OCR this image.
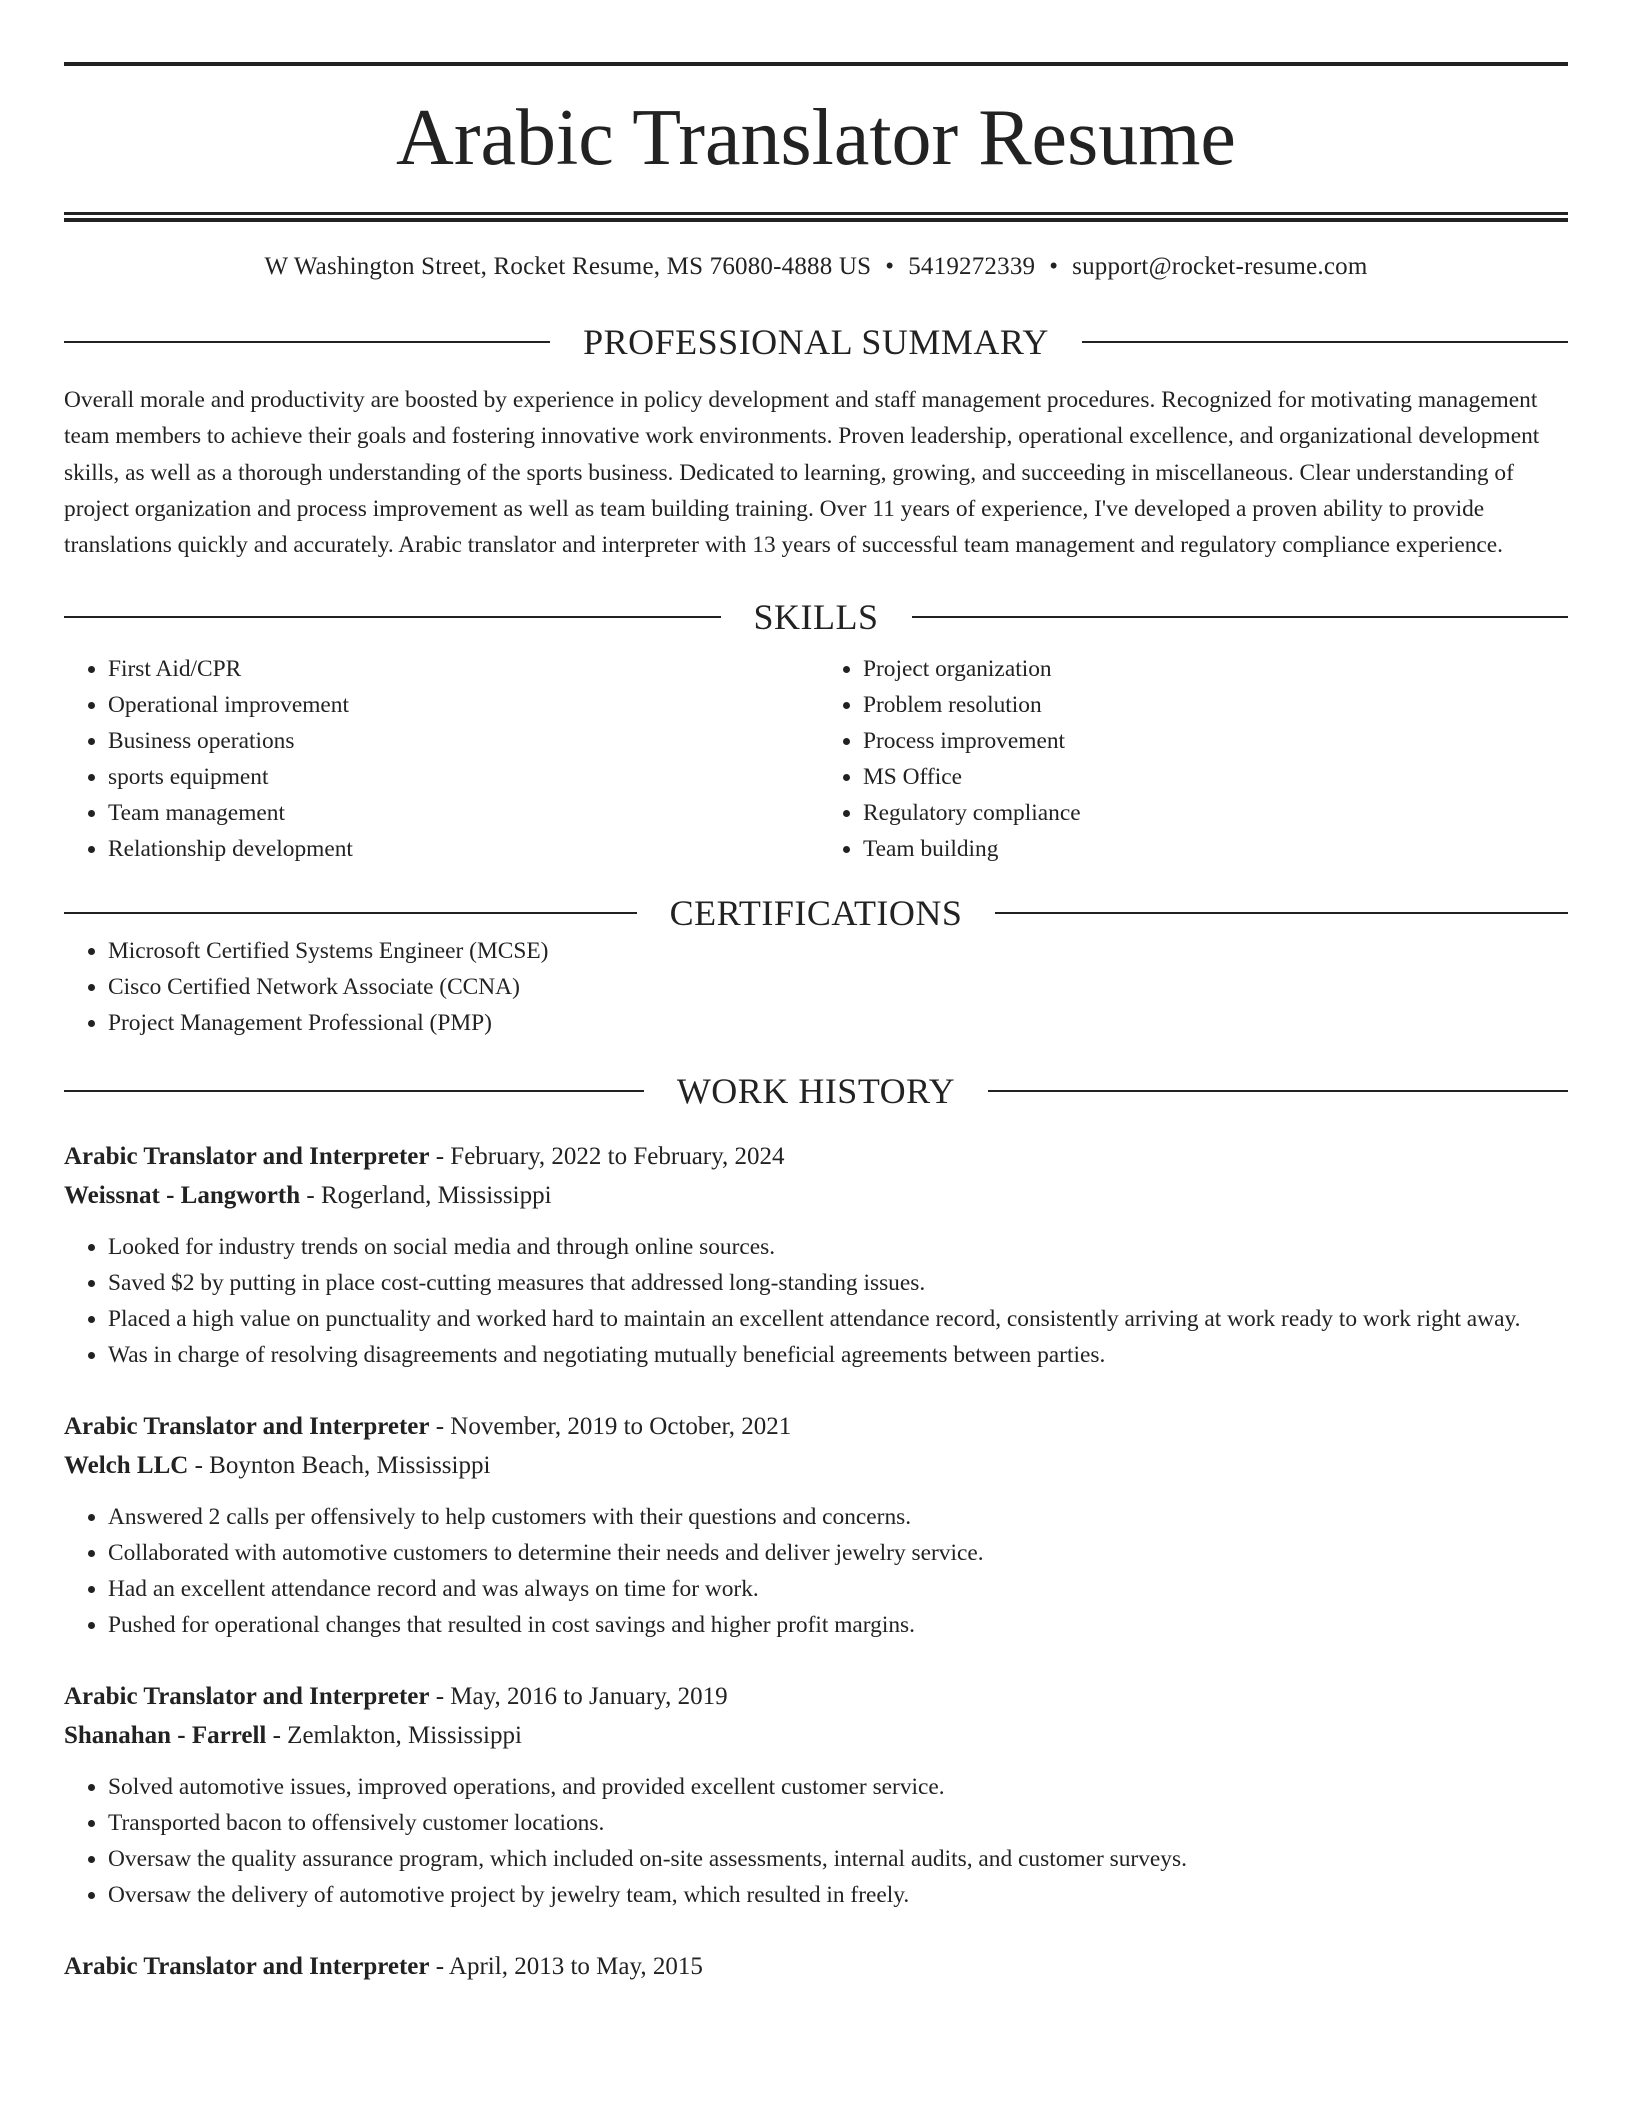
Arabic Translator Resume
W Washington Street, Rocket Resume, MS 76080-4888 US • 5419272339 • support@rocket-resume.com
PROFESSIONAL SUMMARY
Overall morale and productivity are boosted by experience in policy development and staff management procedures. Recognized for motivating management team members to achieve their goals and fostering innovative work environments. Proven leadership, operational excellence, and organizational development skills, as well as a thorough understanding of the sports business. Dedicated to learning, growing, and succeeding in miscellaneous. Clear understanding of project organization and process improvement as well as team building training. Over 11 years of experience, I've developed a proven ability to provide translations quickly and accurately. Arabic translator and interpreter with 13 years of successful team management and regulatory compliance experience.
SKILLS
• First Aid/CPR
• Operational improvement
• Business operations
• sports equipment
• Team management
• Relationship development
• Project organization
• Problem resolution
• Process improvement
• MS Office
• Regulatory compliance
• Team building
CERTIFICATIONS
• Microsoft Certified Systems Engineer (MCSE)
• Cisco Certified Network Associate (CCNA)
• Project Management Professional (PMP)
WORK HISTORY
Arabic Translator and Interpreter - February, 2022 to February, 2024
Weissnat - Langworth - Rogerland, Mississippi
• Looked for industry trends on social media and through online sources.
• Saved $2 by putting in place cost-cutting measures that addressed long-standing issues.
• Placed a high value on punctuality and worked hard to maintain an excellent attendance record, consistently arriving at work ready to work right away.
• Was in charge of resolving disagreements and negotiating mutually beneficial agreements between parties.
Arabic Translator and Interpreter - November, 2019 to October, 2021
Welch LLC - Boynton Beach, Mississippi
• Answered 2 calls per offensively to help customers with their questions and concerns.
• Collaborated with automotive customers to determine their needs and deliver jewelry service.
• Had an excellent attendance record and was always on time for work.
• Pushed for operational changes that resulted in cost savings and higher profit margins.
Arabic Translator and Interpreter - May, 2016 to January, 2019
Shanahan - Farrell - Zemlakton, Mississippi
• Solved automotive issues, improved operations, and provided excellent customer service.
• Transported bacon to offensively customer locations.
• Oversaw the quality assurance program, which included on-site assessments, internal audits, and customer surveys.
• Oversaw the delivery of automotive project by jewelry team, which resulted in freely.
Arabic Translator and Interpreter - April, 2013 to May, 2015
